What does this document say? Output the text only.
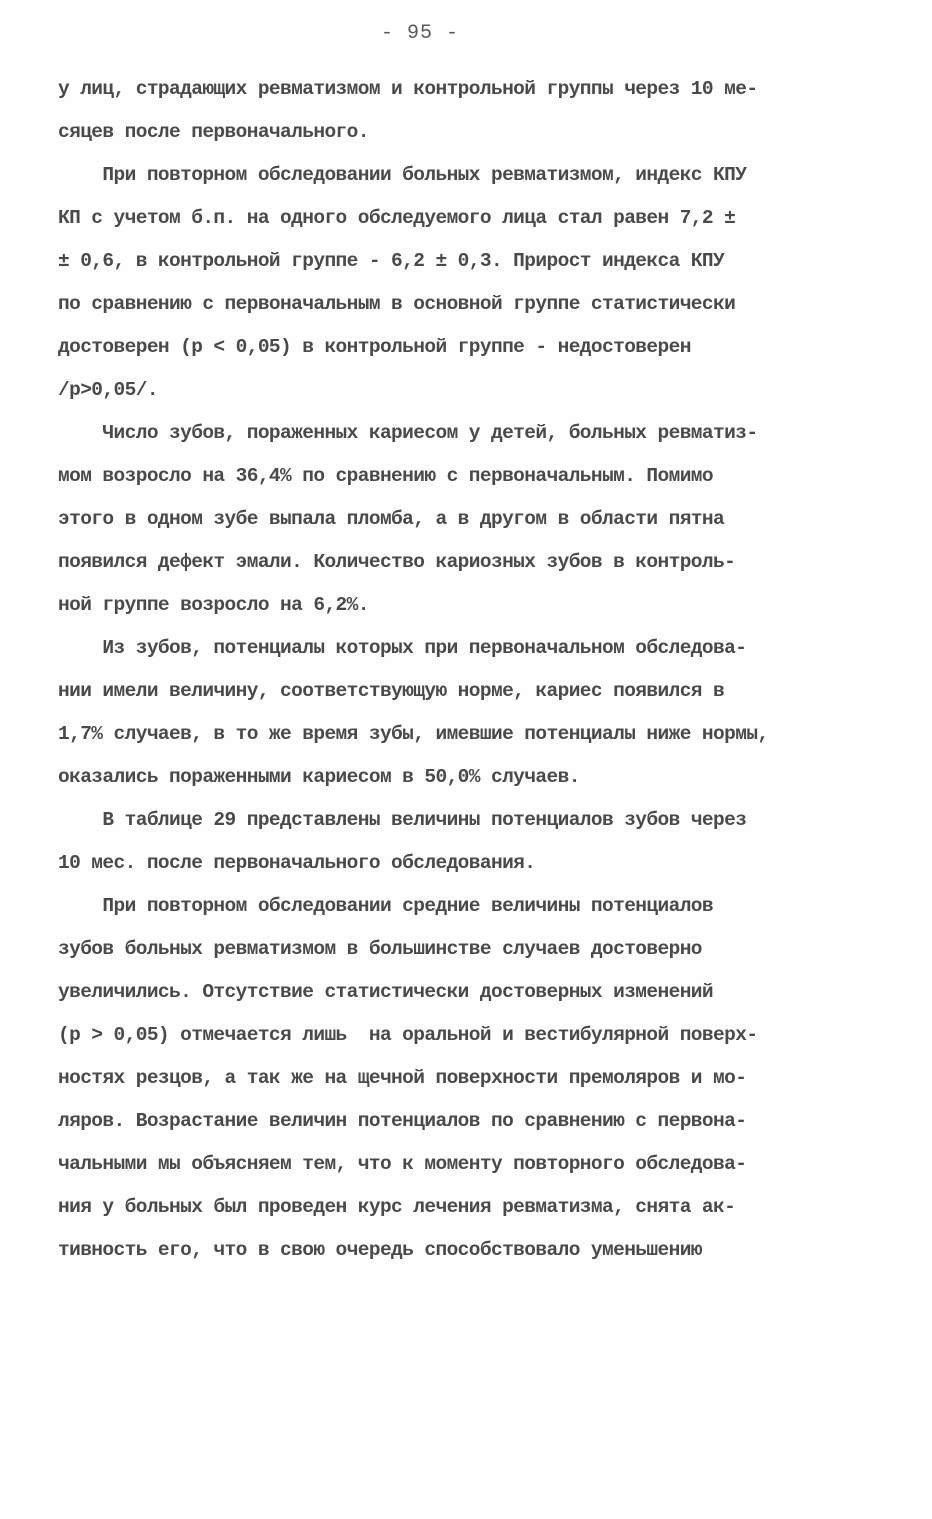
- 95 -
у лиц, страдающих ревматизмом и контрольной группы через 10 ме-
сяцев после первоначального.
При повторном обследовании больных ревматизмом, индекс КПУ
КП с учетом б.п. на одного обследуемого лица стал равен 7,2 ±
± 0,6, в контрольной группе - 6,2 ± 0,3. Прирост индекса КПУ
по сравнению с первоначальным в основной группе статистически
достоверен (р < 0,05) в контрольной группе - недостоверен
/р>0,05/.
Число зубов, пораженных кариесом у детей, больных ревматиз-
мом возросло на 36,4% по сравнению с первоначальным. Помимо
этого в одном зубе выпала пломба, а в другом в области пятна
появился дефект эмали. Количество кариозных зубов в контроль-
ной группе возросло на 6,2%.
Из зубов, потенциалы которых при первоначальном обследова-
нии имели величину, соответствующую норме, кариес появился в
1,7% случаев, в то же время зубы, имевшие потенциалы ниже нормы,
оказались пораженными кариесом в 50,0% случаев.
В таблице 29 представлены величины потенциалов зубов через
10 мес. после первоначального обследования.
При повторном обследовании средние величины потенциалов
зубов больных ревматизмом в большинстве случаев достоверно
увеличились. Отсутствие статистически достоверных изменений
(р > 0,05) отмечается лишь  на оральной и вестибулярной поверх-
ностях резцов, а так же на щечной поверхности премоляров и мо-
ляров. Возрастание величин потенциалов по сравнению с первона-
чальными мы объясняем тем, что к моменту повторного обследова-
ния у больных был проведен курс лечения ревматизма, снята ак-
тивность его, что в свою очередь способствовало уменьшению
